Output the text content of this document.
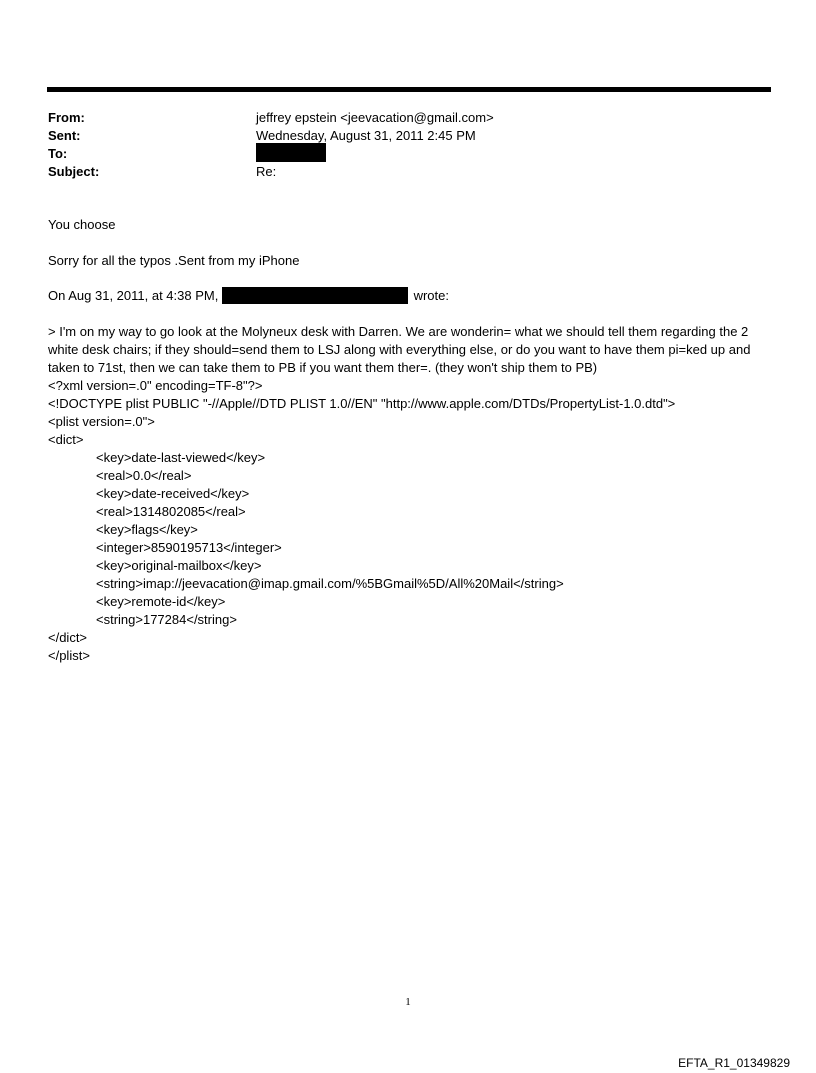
From:	jeffrey epstein <jeevacation@gmail.com>
Sent:	Wednesday, August 31, 2011 2:45 PM
To:
Subject:	Re:
You choose
Sorry for all the typos .Sent from my iPhone
On Aug 31, 2011, at 4:38 PM,	wrote:
> I'm on my way to go look at the Molyneux desk with Darren. We are wonderin= what we should tell them regarding the 2 white desk chairs; if they should=send them to LSJ along with everything else, or do you want to have them pi=ked up and taken to 71st, then we can take them to PB if you want them ther=. (they won't ship them to PB)
<?xml version=.0" encoding=TF-8"?>
<!DOCTYPE plist PUBLIC "-//Apple//DTD PLIST 1.0//EN" "http://www.apple.com/DTDs/PropertyList-1.0.dtd">
<plist version=.0">
<dict>
<key>date-last-viewed</key>
<real>0.0</real>
<key>date-received</key>
<real>1314802085</real>
<key>flags</key>
<integer>8590195713</integer>
<key>original-mailbox</key>
<string>imap://jeevacation@imap.gmail.com/%5BGmail%5D/All%20Mail</string>
<key>remote-id</key>
<string>177284</string>
</dict>
</plist>
1
EFTA_R1_01349829
